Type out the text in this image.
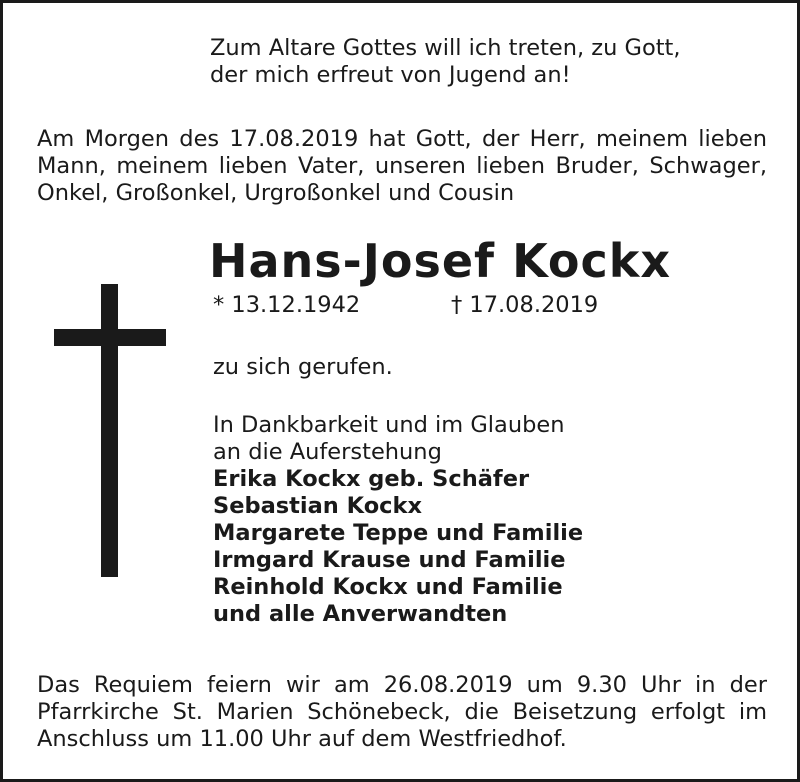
Zum Altare Gottes will ich treten, zu Gott,
der mich erfreut von Jugend an!
Am Morgen des 17.08.2019 hat Gott, der Herr, meinem lieben
Mann, meinem lieben Vater, unseren lieben Bruder, Schwager,
Onkel, Großonkel, Urgroßonkel und Cousin
Hans-Josef Kockx
* 13.12.1942	† 17.08.2019
zu sich gerufen.
In Dankbarkeit und im Glauben
an die Auferstehung
Erika Kockx geb. Schäfer
Sebastian Kockx
Margarete Teppe und Familie
Irmgard Krause und Familie
Reinhold Kockx und Familie
und alle Anverwandten
Das Requiem feiern wir am 26.08.2019 um 9.30 Uhr in der
Pfarrkirche St. Marien Schönebeck, die Beisetzung erfolgt im
Anschluss um 11.00 Uhr auf dem Westfriedhof.
